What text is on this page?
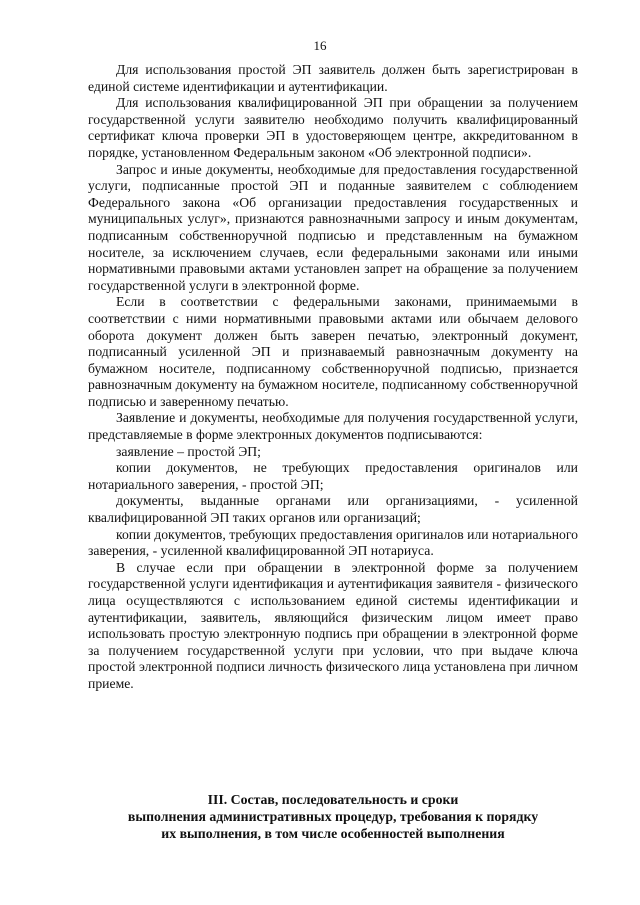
16

Для использования простой ЭП заявитель должен быть зарегистрирован в единой системе идентификации и аутентификации.

Для использования квалифицированной ЭП при обращении за получением государственной услуги заявителю необходимо получить квалифицированный сертификат ключа проверки ЭП в удостоверяющем центре, аккредитованном в порядке, установленном Федеральным законом «Об электронной подписи».

Запрос и иные документы, необходимые для предоставления государственной услуги, подписанные простой ЭП и поданные заявителем с соблюдением Федерального закона «Об организации предоставления государственных и муниципальных услуг», признаются равнозначными запросу и иным документам, подписанным собственноручной подписью и представленным на бумажном носителе, за исключением случаев, если федеральными законами или иными нормативными правовыми актами установлен запрет на обращение за получением государственной услуги в электронной форме.

Если в соответствии с федеральными законами, принимаемыми в соответствии с ними нормативными правовыми актами или обычаем делового оборота документ должен быть заверен печатью, электронный документ, подписанный усиленной ЭП и признаваемый равнозначным документу на бумажном носителе, подписанному собственноручной подписью, признается равнозначным документу на бумажном носителе, подписанному собственноручной подписью и заверенному печатью.

Заявление и документы, необходимые для получения государственной услуги, представляемые в форме электронных документов подписываются:

заявление – простой ЭП;

копии документов, не требующих предоставления оригиналов или нотариального заверения, - простой ЭП;

документы, выданные органами или организациями, - усиленной квалифицированной ЭП таких органов или организаций;

копии документов, требующих предоставления оригиналов или нотариального заверения, - усиленной квалифицированной ЭП нотариуса.

В случае если при обращении в электронной форме за получением государственной услуги идентификация и аутентификация заявителя - физического лица осуществляются с использованием единой системы идентификации и аутентификации, заявитель, являющийся физическим лицом имеет право использовать простую электронную подпись при обращении в электронной форме за получением государственной услуги при условии, что при выдаче ключа простой электронной подписи личность физического лица установлена при личном приеме.

III. Состав, последовательность и сроки
выполнения административных процедур, требования к порядку
их выполнения, в том числе особенностей выполнения
